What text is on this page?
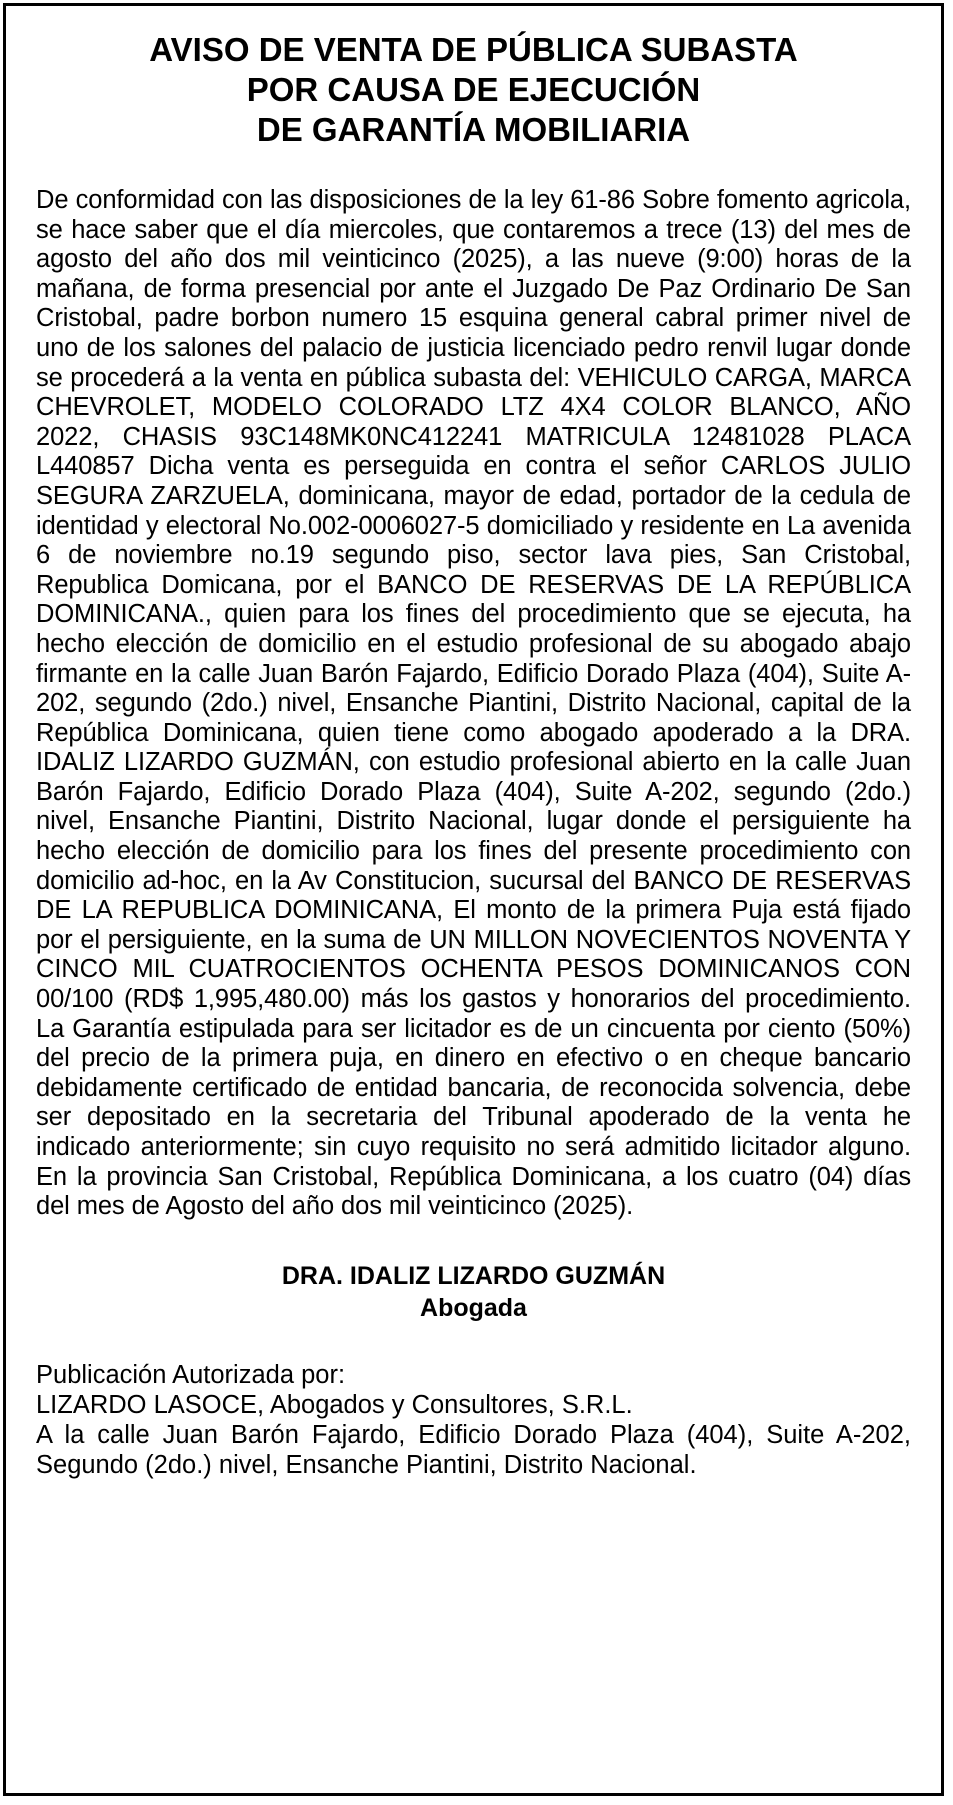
AVISO DE VENTA DE PÚBLICA SUBASTA
POR CAUSA DE EJECUCIÓN
DE GARANTÍA MOBILIARIA

De conformidad con las disposiciones de la ley 61-86 Sobre fomento agricola, se hace saber que el día miercoles, que contaremos a trece (13) del mes de agosto del año dos mil veinticinco (2025), a las nueve (9:00) horas de la mañana, de forma presencial por ante el Juzgado De Paz Ordinario De San Cristobal, padre borbon numero 15 esquina general cabral primer nivel de uno de los salones del palacio de justicia licenciado pedro renvil lugar donde se procederá a la venta en pública subasta del: VEHICULO CARGA, MARCA CHEVROLET, MODELO COLORADO LTZ 4X4 COLOR BLANCO, AÑO 2022, CHASIS 93C148MK0NC412241 MATRICULA 12481028 PLACA L440857 Dicha venta es perseguida en contra el señor CARLOS JULIO SEGURA ZARZUELA, dominicana, mayor de edad, portador de la cedula de identidad y electoral No.002-0006027-5 domiciliado y residente en La avenida 6 de noviembre no.19 segundo piso, sector lava pies, San Cristobal, Republica Domicana, por el BANCO DE RESERVAS DE LA REPÚBLICA DOMINICANA., quien para los fines del procedimiento que se ejecuta, ha hecho elección de domicilio en el estudio profesional de su abogado abajo firmante en la calle Juan Barón Fajardo, Edificio Dorado Plaza (404), Suite A-202, segundo (2do.) nivel, Ensanche Piantini, Distrito Nacional, capital de la República Dominicana, quien tiene como abogado apoderado a la DRA. IDALIZ LIZARDO GUZMÁN, con estudio profesional abierto en la calle Juan Barón Fajardo, Edificio Dorado Plaza (404), Suite A-202, segundo (2do.) nivel, Ensanche Piantini, Distrito Nacional, lugar donde el persiguiente ha hecho elección de domicilio para los fines del presente procedimiento con domicilio ad-hoc, en la Av Constitucion, sucursal del BANCO DE RESERVAS DE LA REPUBLICA DOMINICANA, El monto de la primera Puja está fijado por el persiguiente, en la suma de UN MILLON NOVECIENTOS NOVENTA Y CINCO MIL CUATROCIENTOS OCHENTA PESOS DOMINICANOS CON 00/100 (RD$ 1,995,480.00) más los gastos y honorarios del procedimiento. La Garantía estipulada para ser licitador es de un cincuenta por ciento (50%) del precio de la primera puja, en dinero en efectivo o en cheque bancario debidamente certificado de entidad bancaria, de reconocida solvencia, debe ser depositado en la secretaria del Tribunal apoderado de la venta he indicado anteriormente; sin cuyo requisito no será admitido licitador alguno. En la provincia San Cristobal, República Dominicana, a los cuatro (04) días del mes de Agosto del año dos mil veinticinco (2025).

DRA. IDALIZ LIZARDO GUZMÁN
Abogada
Publicación Autorizada por:
LIZARDO LASOCE, Abogados y Consultores, S.R.L.
A la calle Juan Barón Fajardo, Edificio Dorado Plaza (404), Suite A-202, Segundo (2do.) nivel, Ensanche Piantini, Distrito Nacional.
